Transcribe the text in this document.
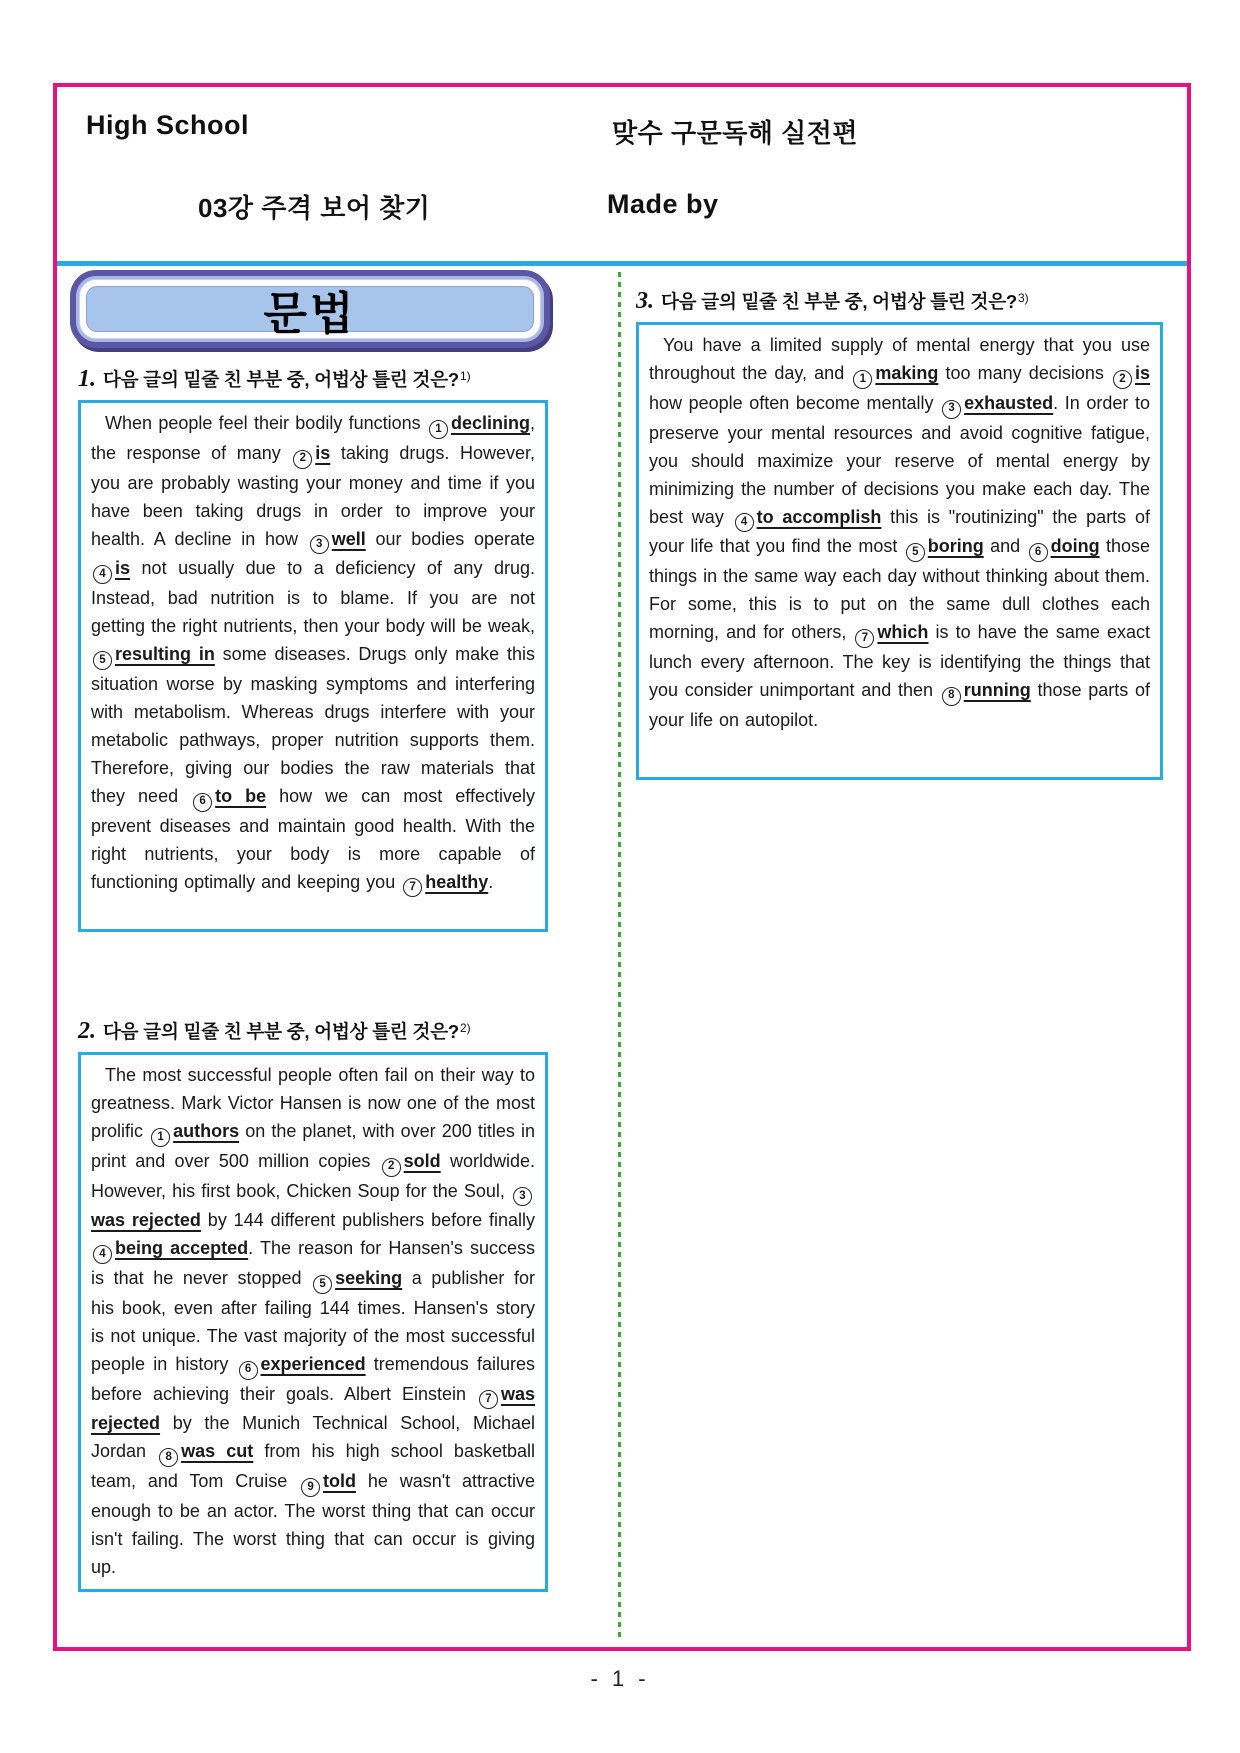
High School	맞수 구문독해 실전편
03강 주격 보어 찾기	Made by
문법
1. 다음 글의 밑줄 친 부분 중, 어법상 틀린 것은?$^{1)}$

When people feel their bodily functions 1 declining, the response of many 2 is taking drugs. However, you are probably wasting your money and time if you have been taking drugs in order to improve your health. A decline in how 3 well our bodies operate 4 is not usually due to a deficiency of any drug. Instead, bad nutrition is to blame. If you are not getting the right nutrients, then your body will be weak, 5 resulting in some diseases. Drugs only make this situation worse by masking symptoms and interfering with metabolism. Whereas drugs interfere with your metabolic pathways, proper nutrition supports them. Therefore, giving our bodies the raw materials that they need 6 to be how we can most effectively prevent diseases and maintain good health. With the right nutrients, your body is more capable of functioning optimally and keeping you 7 healthy.

2. 다음 글의 밑줄 친 부분 중, 어법상 틀린 것은?$^{2)}$

The most successful people often fail on their way to greatness. Mark Victor Hansen is now one of the most prolific 1 authors on the planet, with over 200 titles in print and over 500 million copies 2 sold worldwide. However, his first book, Chicken Soup for the Soul, 3was rejected by 144 different publishers before finally 4 being accepted. The reason for Hansen's success is that he never stopped 5 seeking a publisher for his book, even after failing 144 times. Hansen's story is not unique. The vast majority of the most successful people in history 6 experienced tremendous failures before achieving their goals. Albert Einstein 7 was rejected by the Munich Technical School, Michael Jordan 8 was cut from his high school basketball team, and Tom Cruise 9 told he wasn't attractive enough to be an actor. The worst thing that can occur isn't failing. The worst thing that can occur is giving up.

3. 다음 글의 밑줄 친 부분 중, 어법상 틀린 것은?$^{3)}$

You have a limited supply of mental energy that you use throughout the day, and 1 making too many decisions 2 is how people often become mentally 3 exhausted. In order to preserve your mental resources and avoid cognitive fatigue, you should maximize your reserve of mental energy by minimizing the number of decisions you make each day. The best way 4 to accomplish this is "routinizing" the parts of your life that you find the most 5 boring and 6 doing those things in the same way each day without thinking about them. For some, this is to put on the same dull clothes each morning, and for others, 7 which is to have the same exact lunch every afternoon. The key is identifying the things that you consider unimportant and then 8 running those parts of your life on autopilot.

- 1 -
